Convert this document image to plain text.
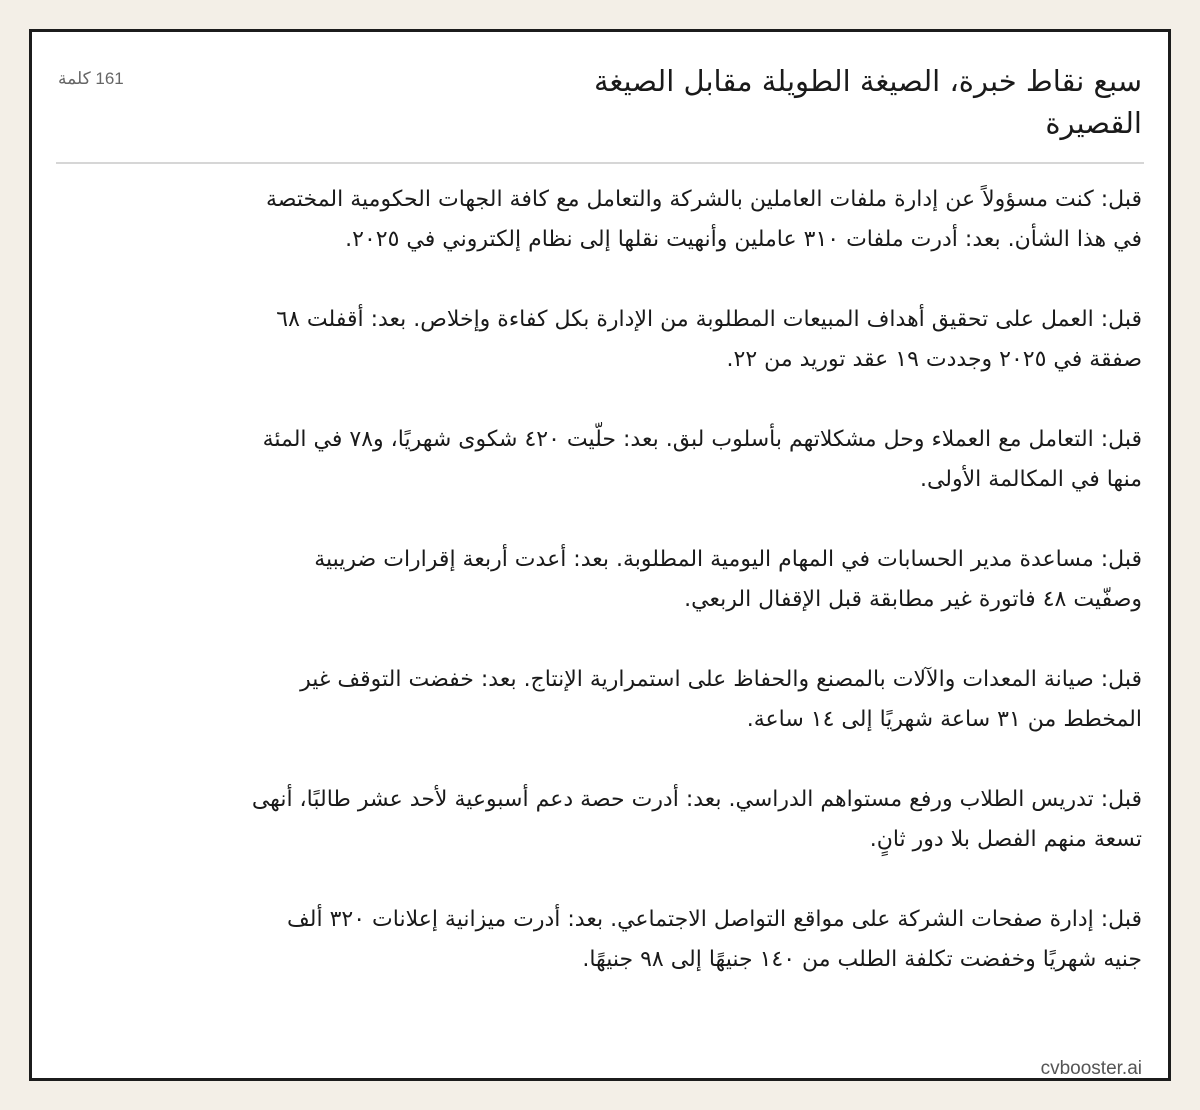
سبع نقاط خبرة، الصيغة الطويلة مقابل الصيغة القصيرة
161 كلمة

قبل: كنت مسؤولاً عن إدارة ملفات العاملين بالشركة والتعامل مع كافة الجهات الحكومية المختصة في هذا الشأن. بعد: أدرت ملفات ٣١٠ عاملين وأنهيت نقلها إلى نظام إلكتروني في ٢٠٢٥.

قبل: العمل على تحقيق أهداف المبيعات المطلوبة من الإدارة بكل كفاءة وإخلاص. بعد: أقفلت ٦٨ صفقة في ٢٠٢٥ وجددت ١٩ عقد توريد من ٢٢.

قبل: التعامل مع العملاء وحل مشكلاتهم بأسلوب لبق. بعد: حلّيت ٤٢٠ شكوى شهريًا، و٧٨ في المئة منها في المكالمة الأولى.

قبل: مساعدة مدير الحسابات في المهام اليومية المطلوبة. بعد: أعدت أربعة إقرارات ضريبية وصفّيت ٤٨ فاتورة غير مطابقة قبل الإقفال الربعي.

قبل: صيانة المعدات والآلات بالمصنع والحفاظ على استمرارية الإنتاج. بعد: خفضت التوقف غير المخطط من ٣١ ساعة شهريًا إلى ١٤ ساعة.

قبل: تدريس الطلاب ورفع مستواهم الدراسي. بعد: أدرت حصة دعم أسبوعية لأحد عشر طالبًا، أنهى تسعة منهم الفصل بلا دور ثانٍ.

قبل: إدارة صفحات الشركة على مواقع التواصل الاجتماعي. بعد: أدرت ميزانية إعلانات ٣٢٠ ألف جنيه شهريًا وخفضت تكلفة الطلب من ١٤٠ جنيهًا إلى ٩٨ جنيهًا.

cvbooster.ai
